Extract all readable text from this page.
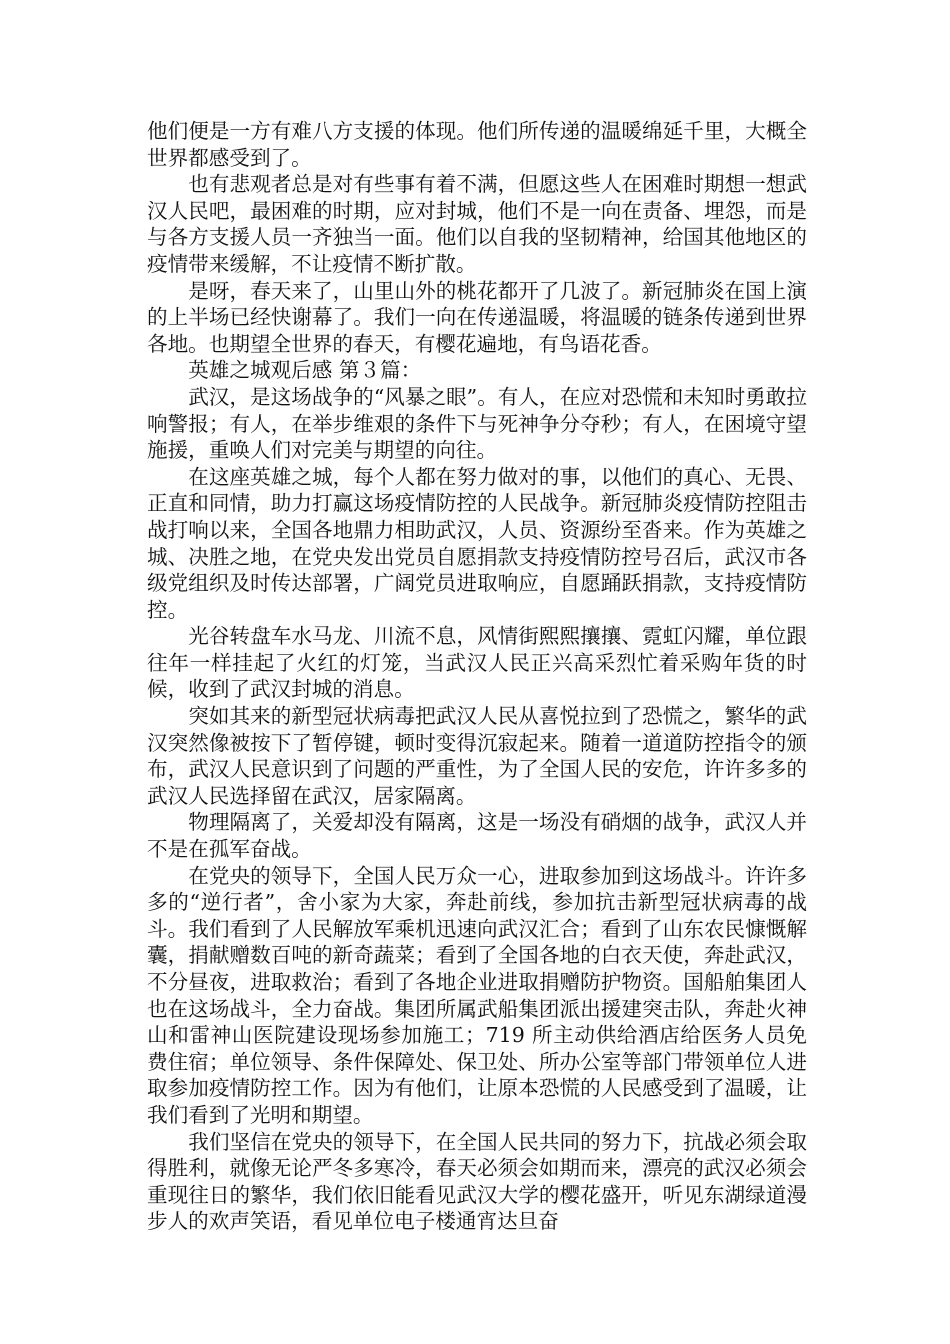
他们便是一方有难八方支援的体现。他们所传递的温暖绵延千里，大概全世界都感受到了。

也有悲观者总是对有些事有着不满，但愿这些人在困难时期想一想武汉人民吧，最困难的时期，应对封城，他们不是一向在责备、埋怨，而是与各方支援人员一齐独当一面。他们以自我的坚韧精神，给国其他地区的疫情带来缓解，不让疫情不断扩散。

是呀，春天来了，山里山外的桃花都开了几波了。新冠肺炎在国上演的上半场已经快谢幕了。我们一向在传递温暖，将温暖的链条传递到世界各地。也期望全世界的春天，有樱花遍地，有鸟语花香。

英雄之城观后感 第３篇：

武汉，是这场战争的“风暴之眼”。有人，在应对恐慌和未知时勇敢拉响警报；有人，在举步维艰的条件下与死神争分夺秒；有人，在困境守望施援，重唤人们对完美与期望的向往。

在这座英雄之城，每个人都在努力做对的事，以他们的真心、无畏、正直和同情，助力打赢这场疫情防控的人民战争。新冠肺炎疫情防控阻击战打响以来，全国各地鼎力相助武汉，人员、资源纷至沓来。作为英雄之城、决胜之地，在党央发出党员自愿捐款支持疫情防控号召后，武汉市各级党组织及时传达部署，广阔党员进取响应，自愿踊跃捐款，支持疫情防控。

光谷转盘车水马龙、川流不息，风情街熙熙攘攘、霓虹闪耀，单位跟往年一样挂起了火红的灯笼，当武汉人民正兴高采烈忙着采购年货的时候，收到了武汉封城的消息。

突如其来的新型冠状病毒把武汉人民从喜悦拉到了恐慌之，繁华的武汉突然像被按下了暂停键，顿时变得沉寂起来。随着一道道防控指令的颁布，武汉人民意识到了问题的严重性，为了全国人民的安危，许许多多的武汉人民选择留在武汉，居家隔离。

物理隔离了，关爱却没有隔离，这是一场没有硝烟的战争，武汉人并不是在孤军奋战。

在党央的领导下，全国人民万众一心，进取参加到这场战斗。许许多多的“逆行者”，舍小家为大家，奔赴前线，参加抗击新型冠状病毒的战斗。我们看到了人民解放军乘机迅速向武汉汇合；看到了山东农民慷慨解囊，捐献赠数百吨的新奇蔬菜；看到了全国各地的白衣天使，奔赴武汉，不分昼夜，进取救治；看到了各地企业进取捐赠防护物资。国船舶集团人也在这场战斗，全力奋战。集团所属武船集团派出援建突击队，奔赴火神山和雷神山医院建设现场参加施工；719 所主动供给酒店给医务人员免费住宿；单位领导、条件保障处、保卫处、所办公室等部门带领单位人进取参加疫情防控工作。因为有他们，让原本恐慌的人民感受到了温暖，让我们看到了光明和期望。

我们坚信在党央的领导下，在全国人民共同的努力下，抗战必须会取得胜利，就像无论严冬多寒冷，春天必须会如期而来，漂亮的武汉必须会重现往日的繁华，我们依旧能看见武汉大学的樱花盛开，听见东湖绿道漫步人的欢声笑语，看见单位电子楼通宵达旦奋
